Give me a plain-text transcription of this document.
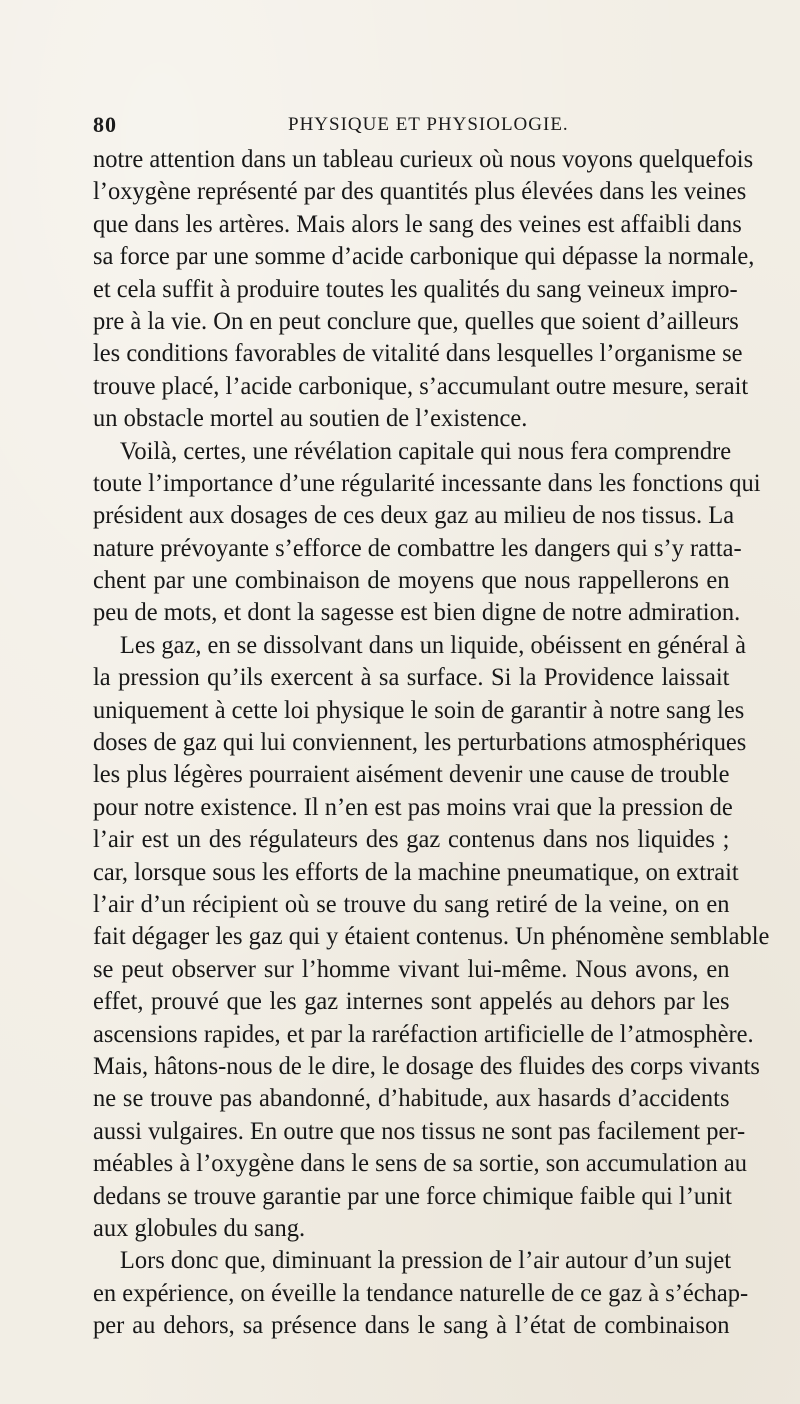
80	PHYSIQUE ET PHYSIOLOGIE.

notre attention dans un tableau curieux où nous voyons quelquefois
l’oxygène représenté par des quantités plus élevées dans les veines
que dans les artères. Mais alors le sang des veines est affaibli dans
sa force par une somme d’acide carbonique qui dépasse la normale,
et cela suffit à produire toutes les qualités du sang veineux impro-
pre à la vie. On en peut conclure que, quelles que soient d’ailleurs
les conditions favorables de vitalité dans lesquelles l’organisme se
trouve placé, l’acide carbonique, s’accumulant outre mesure, serait
un obstacle mortel au soutien de l’existence.

Voilà, certes, une révélation capitale qui nous fera comprendre
toute l’importance d’une régularité incessante dans les fonctions qui
président aux dosages de ces deux gaz au milieu de nos tissus. La
nature prévoyante s’efforce de combattre les dangers qui s’y ratta-
chent par une combinaison de moyens que nous rappellerons en
peu de mots, et dont la sagesse est bien digne de notre admiration.

Les gaz, en se dissolvant dans un liquide, obéissent en général à
la pression qu’ils exercent à sa surface. Si la Providence laissait
uniquement à cette loi physique le soin de garantir à notre sang les
doses de gaz qui lui conviennent, les perturbations atmosphériques
les plus légères pourraient aisément devenir une cause de trouble
pour notre existence. Il n’en est pas moins vrai que la pression de
l’air est un des régulateurs des gaz contenus dans nos liquides ;
car, lorsque sous les efforts de la machine pneumatique, on extrait
l’air d’un récipient où se trouve du sang retiré de la veine, on en
fait dégager les gaz qui y étaient contenus. Un phénomène semblable
se peut observer sur l’homme vivant lui-même. Nous avons, en
effet, prouvé que les gaz internes sont appelés au dehors par les
ascensions rapides, et par la raréfaction artificielle de l’atmosphère.
Mais, hâtons-nous de le dire, le dosage des fluides des corps vivants
ne se trouve pas abandonné, d’habitude, aux hasards d’accidents
aussi vulgaires. En outre que nos tissus ne sont pas facilement per-
méables à l’oxygène dans le sens de sa sortie, son accumulation au
dedans se trouve garantie par une force chimique faible qui l’unit
aux globules du sang.

Lors donc que, diminuant la pression de l’air autour d’un sujet
en expérience, on éveille la tendance naturelle de ce gaz à s’échap-
per au dehors, sa présence dans le sang à l’état de combinaison
